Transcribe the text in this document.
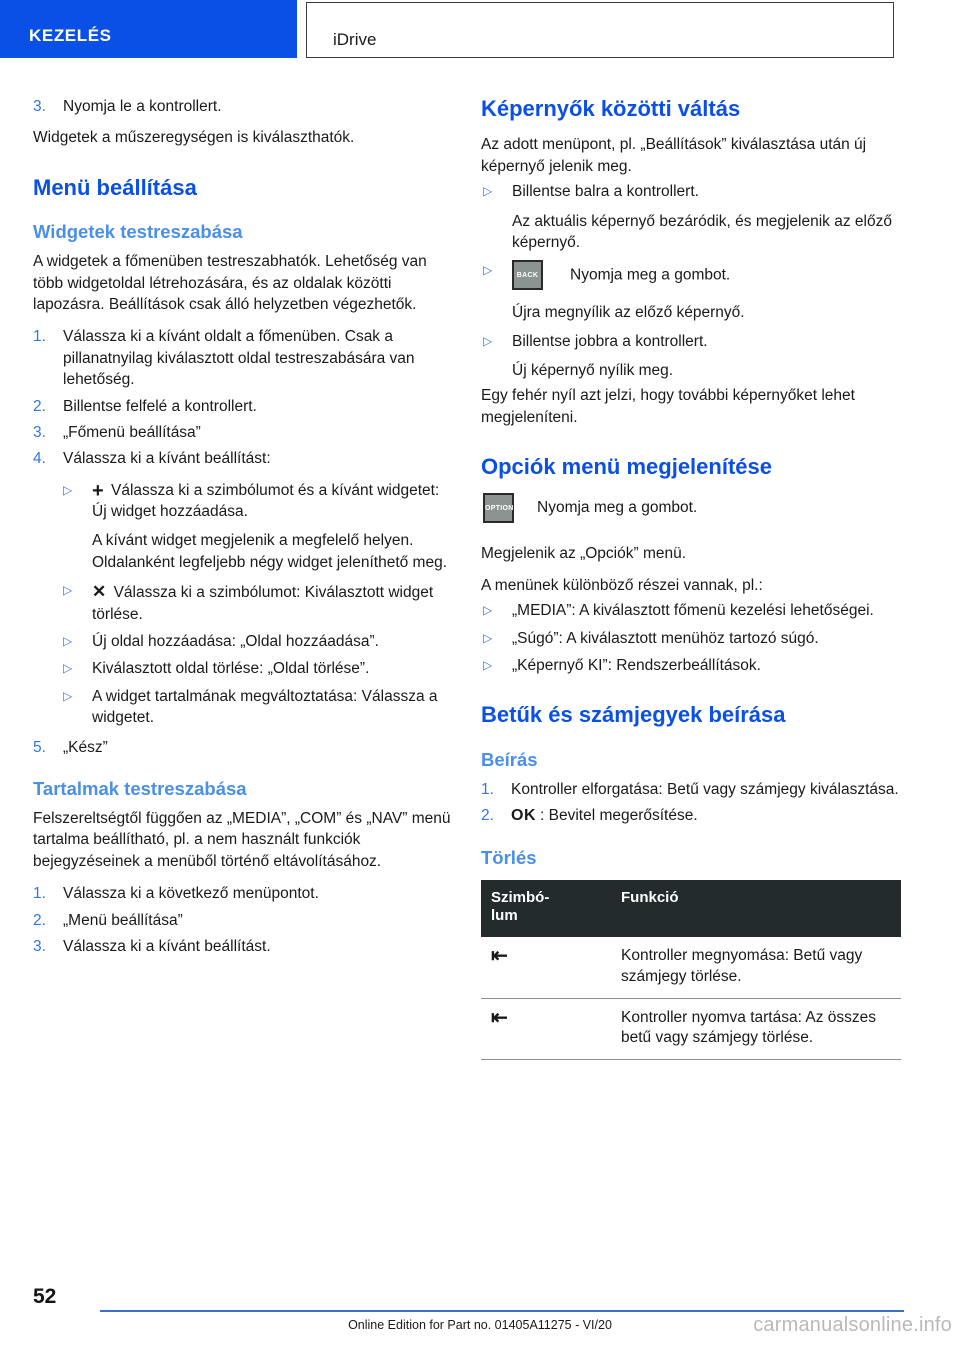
KEZELÉS	iDrive
3. Nyomja le a kontrollert.

Widgetek a műszeregységen is kiválaszthatók.

Menü beállítása
Widgetek testreszabása

A widgetek a főmenüben testreszabhatók. Lehetőség van több widgetoldal létrehozására, és az oldalak közötti lapozásra. Beállítások csak álló helyzetben végezhetők.

1. Válassza ki a kívánt oldalt a főmenüben. Csak a pillanatnyilag kiválasztott oldal testreszabására van lehetőség.
2. Billentse felfelé a kontrollert.
3. „Főmenü beállítása”
4. Válassza ki a kívánt beállítást:
▷ + Válassza ki a szimbólumot és a kívánt widgetet: Új widget hozzáadása.

A kívánt widget megjelenik a megfelelő helyen. Oldalanként legfeljebb négy widget jeleníthető meg.

▷ ✕ Válassza ki a szimbólumot: Kiválasztott widget törlése.
▷ Új oldal hozzáadása: „Oldal hozzáadása”.
▷ Kiválasztott oldal törlése: „Oldal törlése”.
▷ A widget tartalmának megváltoztatása: Válassza a widgetet.
5. „Kész”
Tartalmak testreszabása

Felszereltségtől függően az „MEDIA”, „COM” és „NAV” menü tartalma beállítható, pl. a nem használt funkciók bejegyzéseinek a menüből történő eltávolításához.

1. Válassza ki a következő menüpontot.
2. „Menü beállítása”
3. Válassza ki a kívánt beállítást.
Képernyők közötti váltás

Az adott menüpont, pl. „Beállítások” kiválasztása után új képernyő jelenik meg.

▷ Billentse balra a kontrollert.

Az aktuális képernyő bezáródik, és megjelenik az előző képernyő.

▷	BACK Nyomja meg a gombot.

Újra megnyílik az előző képernyő.

▷ Billentse jobbra a kontrollert.

Új képernyő nyílik meg.

Egy fehér nyíl azt jelzi, hogy további képernyőket lehet megjeleníteni.

Opciók menü megjelenítése
OPTION Nyomja meg a gombot.

Megjelenik az „Opciók” menü.

A menünek különböző részei vannak, pl.:

▷ „MEDIA”: A kiválasztott főmenü kezelési lehetőségei.
▷ „Súgó”: A kiválasztott menühöz tartozó súgó.
▷ „Képernyő KI”: Rendszerbeállítások.
Betűk és számjegyek beírása
Beírás
1. Kontroller elforgatása: Betű vagy számjegy kiválasztása.
2. OK : Bevitel megerősítése.
Törlés
Szimbó-
lum	Funkció
⇤	Kontroller megnyomása: Betű vagy számjegy törlése.
⇤	Kontroller nyomva tartása: Az összes betű vagy számjegy törlése.
52
Online Edition for Part no. 01405A11275 - VI/20	carmanualsonline.info
